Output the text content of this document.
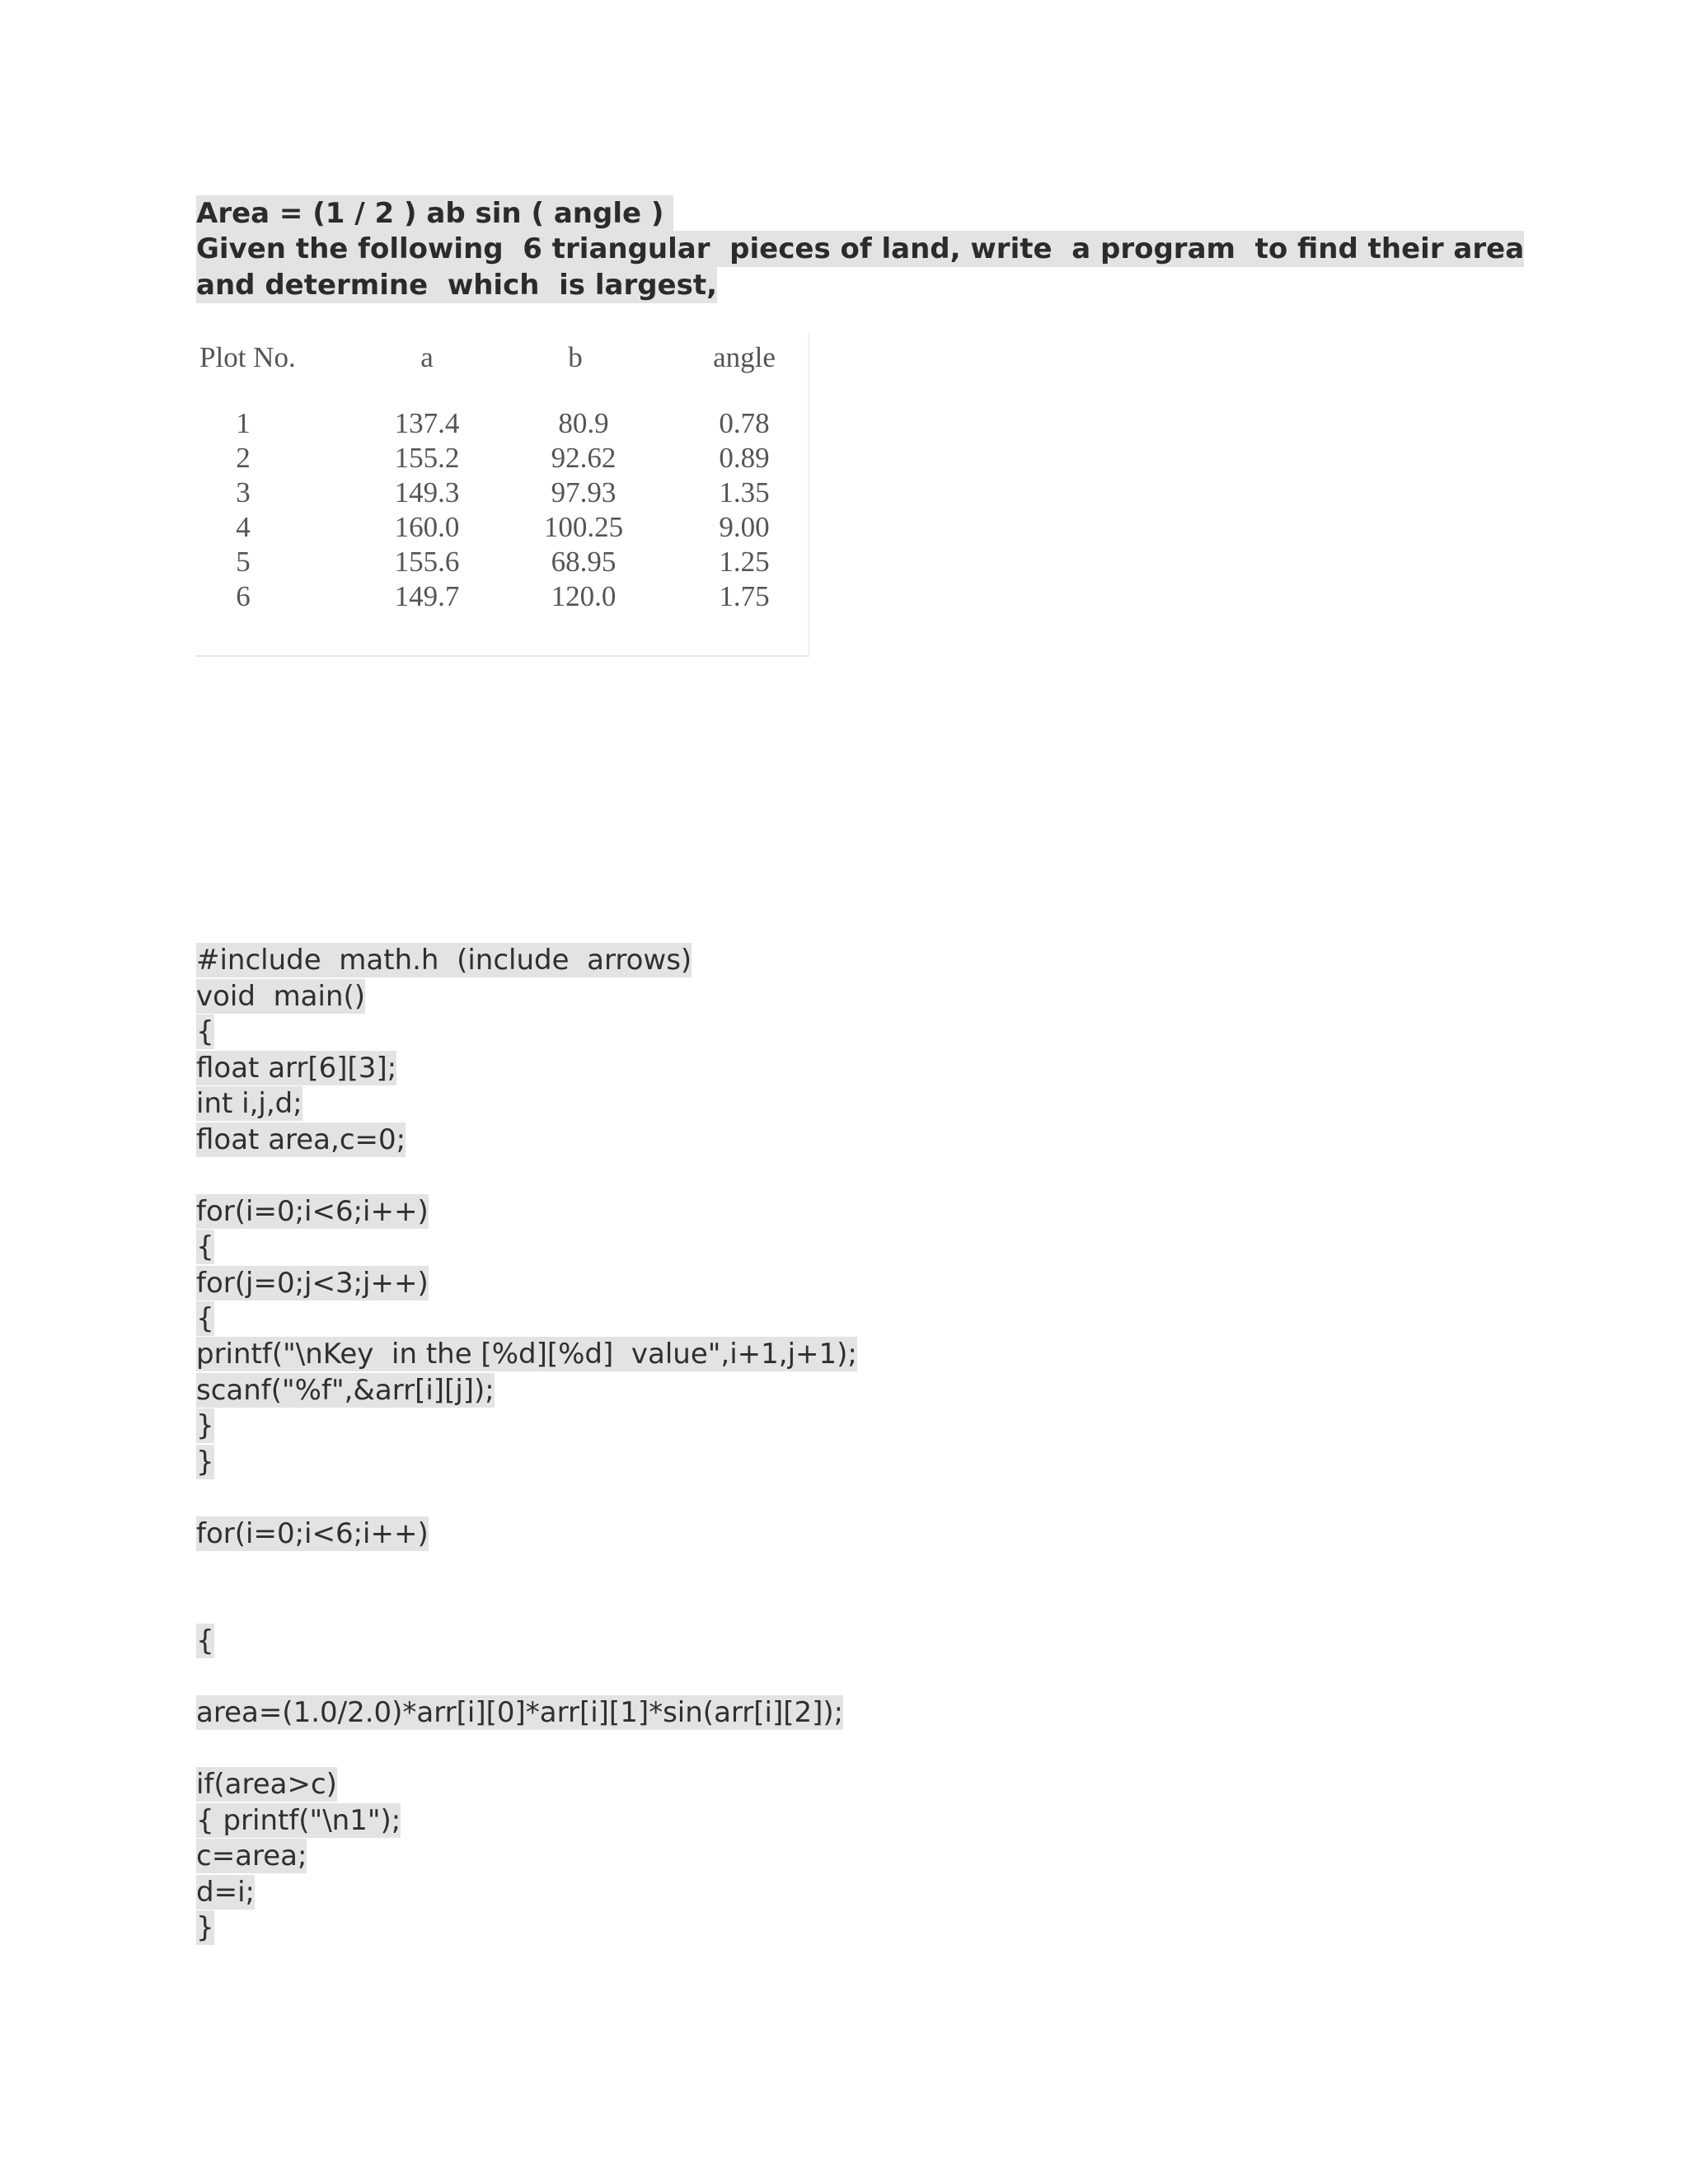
Area = (1 / 2 ) ab sin ( angle )
Given the following  6 triangular  pieces of land, write  a program  to find their area
and determine  which  is largest,
Plot No.	a	b	angle
1	137.4	80.9	0.78
2	155.2	92.62	0.89
3	149.3	97.93	1.35
4	160.0	100.25	9.00
5	155.6	68.95	1.25
6	149.7	120.0	1.75
#include  math.h  (include  arrows)
void  main()
{
float arr[6][3];
int i,j,d;
float area,c=0;
for(i=0;i<6;i++)
{
for(j=0;j<3;j++)
{
printf("\nKey  in the [%d][%d]  value",i+1,j+1);
scanf("%f",&arr[i][j]);
}
}
for(i=0;i<6;i++)
{
area=(1.0/2.0)*arr[i][0]*arr[i][1]*sin(arr[i][2]);
if(area>c)
{ printf("\n1");
c=area;
d=i;
}
